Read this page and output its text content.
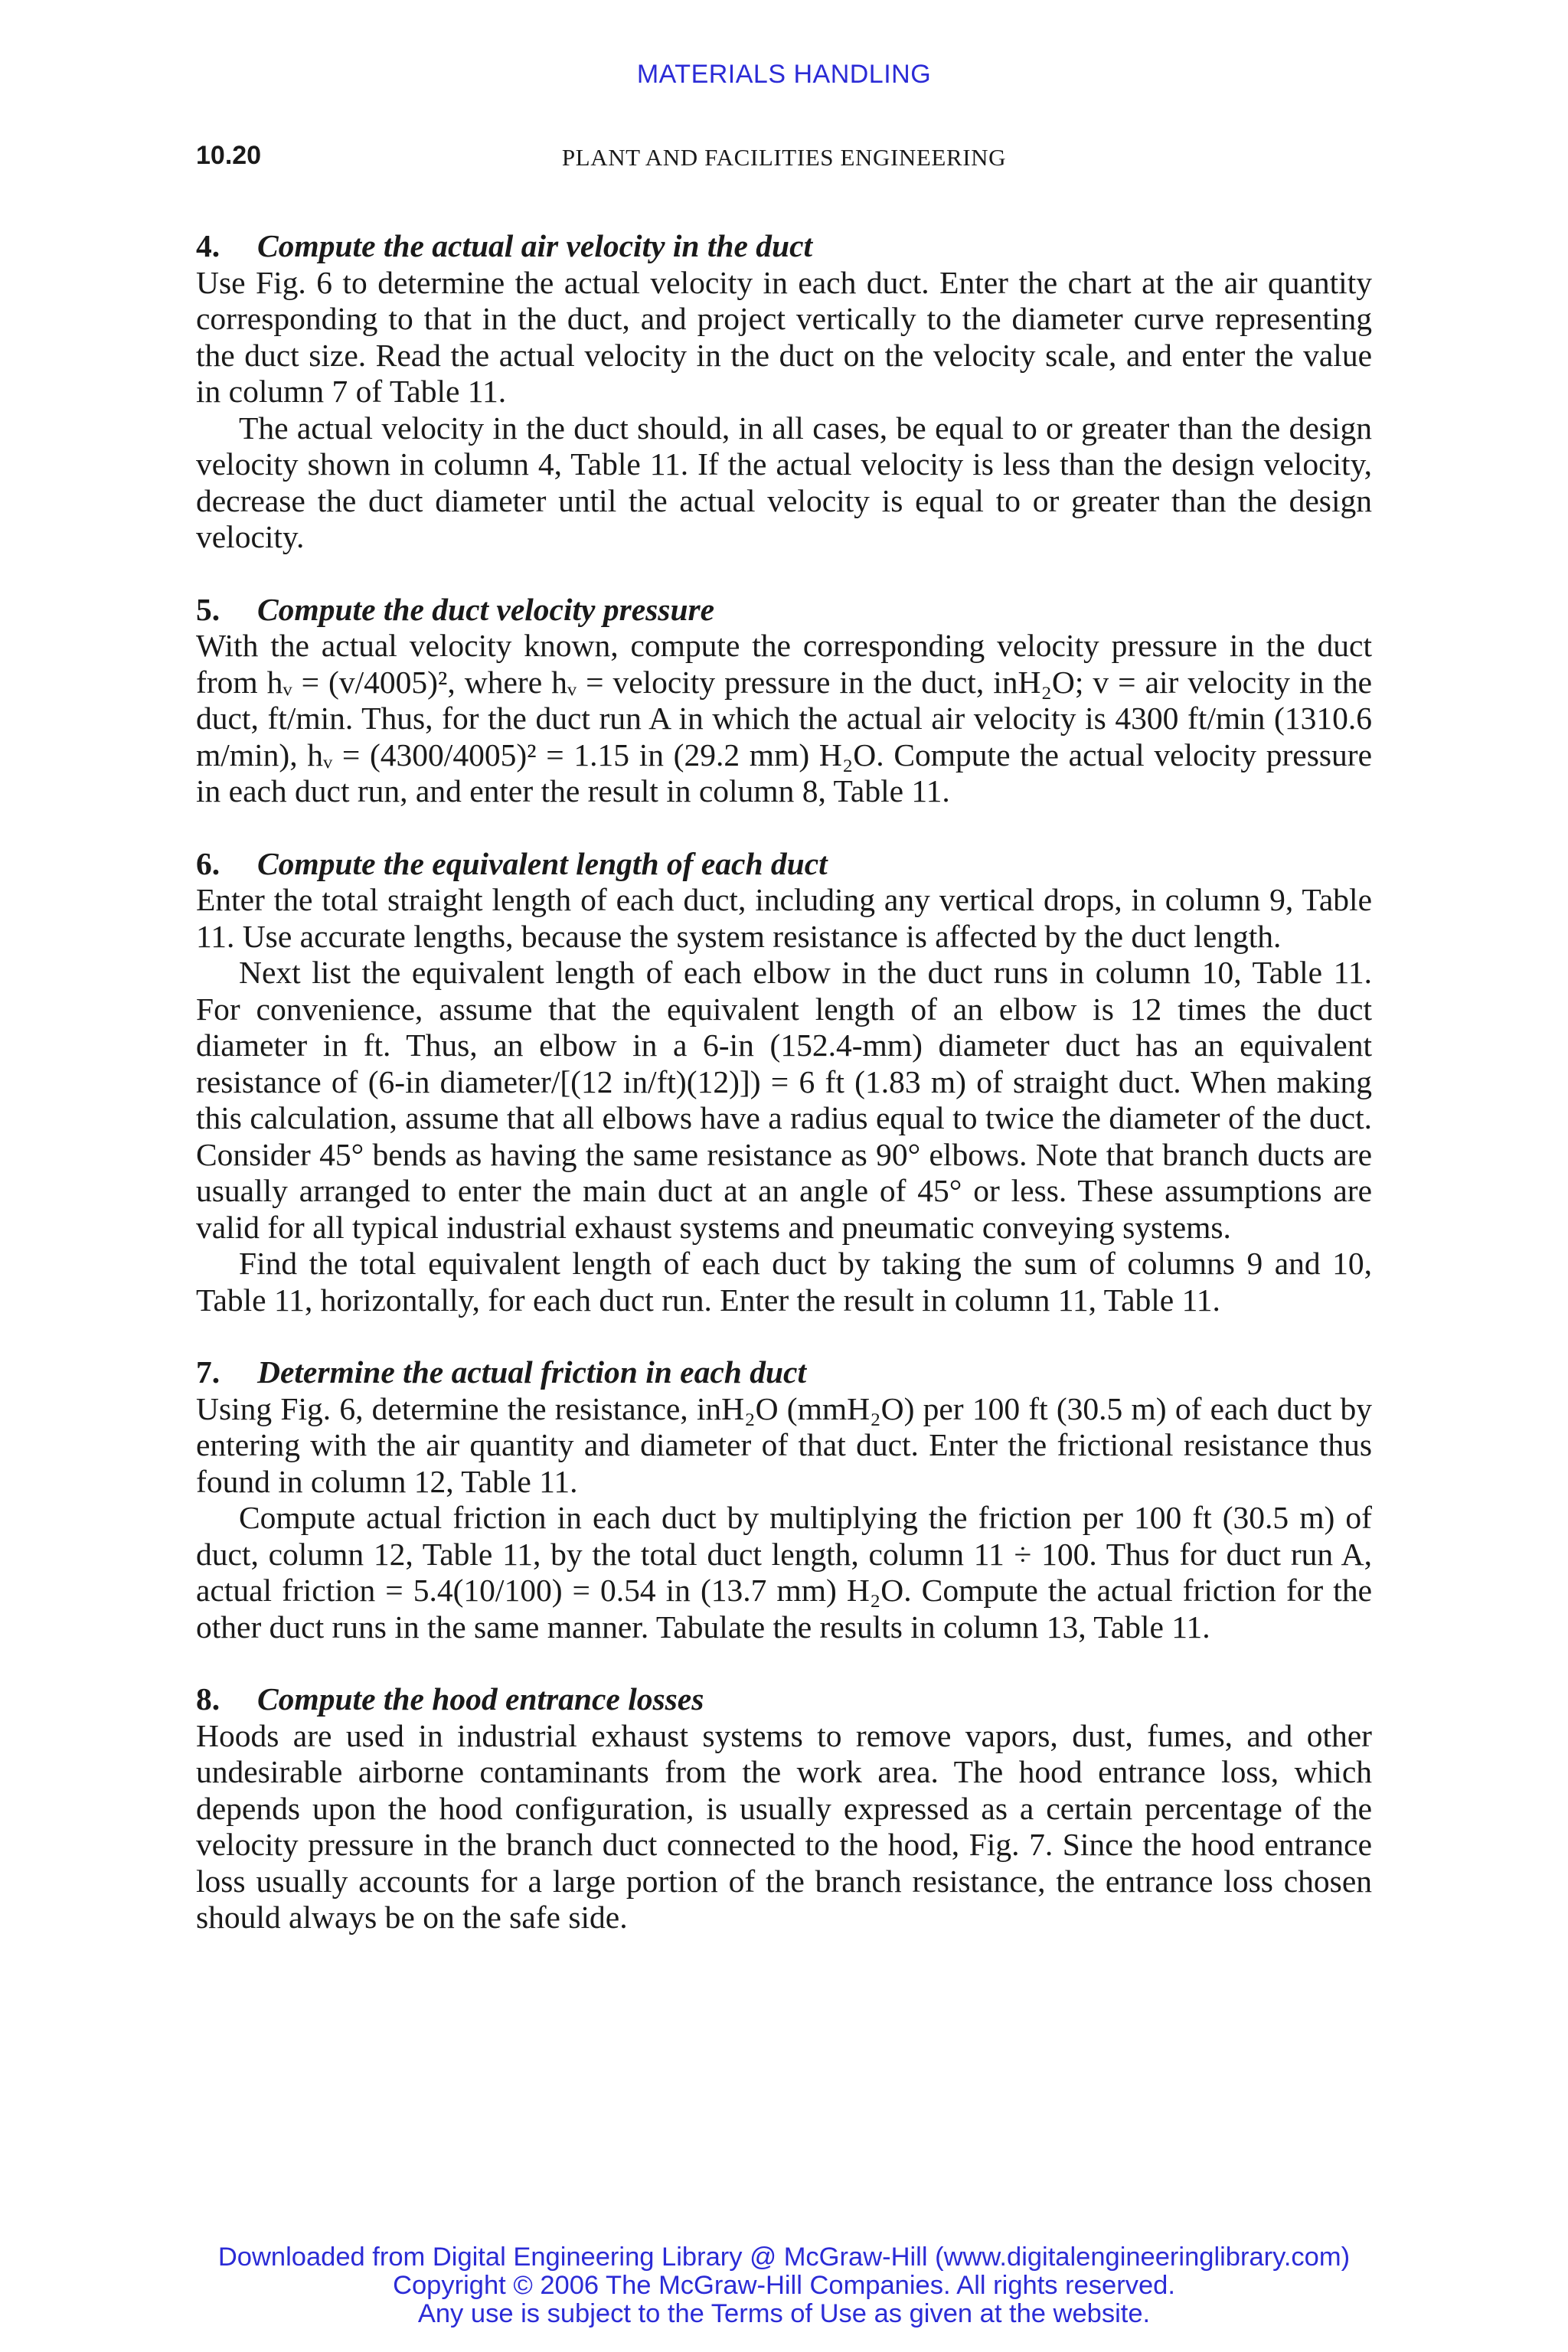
MATERIALS HANDLING
10.20	PLANT AND FACILITIES ENGINEERING
4. Compute the actual air velocity in the duct

Use Fig. 6 to determine the actual velocity in each duct. Enter the chart at the air quantity corresponding to that in the duct, and project vertically to the diameter curve representing the duct size. Read the actual velocity in the duct on the velocity scale, and enter the value in column 7 of Table 11.

The actual velocity in the duct should, in all cases, be equal to or greater than the design velocity shown in column 4, Table 11. If the actual velocity is less than the design velocity, decrease the duct diameter until the actual velocity is equal to or greater than the design velocity.

5. Compute the duct velocity pressure

With the actual velocity known, compute the corresponding velocity pressure in the duct from hᵥ = (v/4005)², where hᵥ = velocity pressure in the duct, inH₂O; v = air velocity in the duct, ft/min. Thus, for the duct run A in which the actual air velocity is 4300 ft/min (1310.6 m/min), hᵥ = (4300/4005)² = 1.15 in (29.2 mm) H₂O. Compute the actual velocity pressure in each duct run, and enter the result in column 8, Table 11.

6. Compute the equivalent length of each duct

Enter the total straight length of each duct, including any vertical drops, in column 9, Table 11. Use accurate lengths, because the system resistance is affected by the duct length.

Next list the equivalent length of each elbow in the duct runs in column 10, Table 11. For convenience, assume that the equivalent length of an elbow is 12 times the duct diameter in ft. Thus, an elbow in a 6-in (152.4-mm) diameter duct has an equivalent resistance of (6-in diameter/[(12 in/ft)(12)]) = 6 ft (1.83 m) of straight duct. When making this calculation, assume that all elbows have a radius equal to twice the diameter of the duct. Consider 45° bends as having the same resistance as 90° elbows. Note that branch ducts are usually arranged to enter the main duct at an angle of 45° or less. These assumptions are valid for all typical industrial exhaust systems and pneumatic conveying systems.

Find the total equivalent length of each duct by taking the sum of columns 9 and 10, Table 11, horizontally, for each duct run. Enter the result in column 11, Table 11.

7. Determine the actual friction in each duct

Using Fig. 6, determine the resistance, inH₂O (mmH₂O) per 100 ft (30.5 m) of each duct by entering with the air quantity and diameter of that duct. Enter the frictional resistance thus found in column 12, Table 11.

Compute actual friction in each duct by multiplying the friction per 100 ft (30.5 m) of duct, column 12, Table 11, by the total duct length, column 11 ÷ 100. Thus for duct run A, actual friction = 5.4(10/100) = 0.54 in (13.7 mm) H₂O. Compute the actual friction for the other duct runs in the same manner. Tabulate the results in column 13, Table 11.

8. Compute the hood entrance losses

Hoods are used in industrial exhaust systems to remove vapors, dust, fumes, and other undesirable airborne contaminants from the work area. The hood entrance loss, which depends upon the hood configuration, is usually expressed as a certain percentage of the velocity pressure in the branch duct connected to the hood, Fig. 7. Since the hood entrance loss usually accounts for a large portion of the branch resistance, the entrance loss chosen should always be on the safe side.

Downloaded from Digital Engineering Library @ McGraw-Hill (www.digitalengineeringlibrary.com)
Copyright © 2006 The McGraw-Hill Companies. All rights reserved.
Any use is subject to the Terms of Use as given at the website.
